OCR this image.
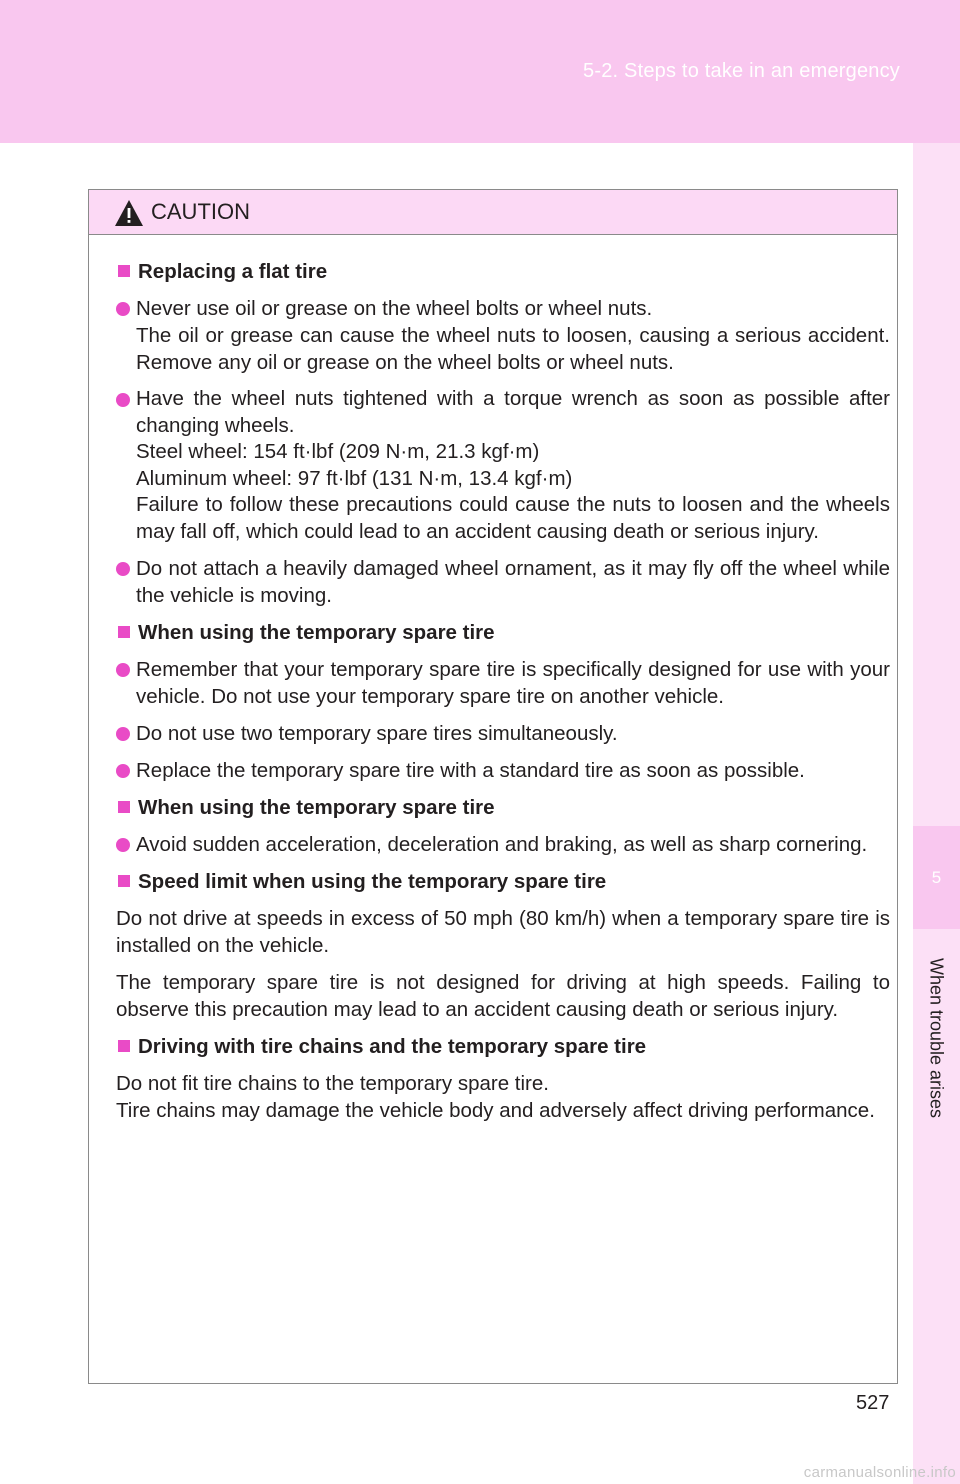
5-2. Steps to take in an emergency
5
When trouble arises
CAUTION
Replacing a flat tire
Never use oil or grease on the wheel bolts or wheel nuts.
The oil or grease can cause the wheel nuts to loosen, causing a serious accident. Remove any oil or grease on the wheel bolts or wheel nuts.
Have the wheel nuts tightened with a torque wrench as soon as possible after changing wheels.
Steel wheel: 154 ft·lbf (209 N·m, 21.3 kgf·m)
Aluminum wheel: 97 ft·lbf (131 N·m, 13.4 kgf·m)
Failure to follow these precautions could cause the nuts to loosen and the wheels may fall off, which could lead to an accident causing death or serious injury.
Do not attach a heavily damaged wheel ornament, as it may fly off the wheel while the vehicle is moving.
When using the temporary spare tire
Remember that your temporary spare tire is specifically designed for use with your vehicle. Do not use your temporary spare tire on another vehicle.
Do not use two temporary spare tires simultaneously.
Replace the temporary spare tire with a standard tire as soon as possible.
When using the temporary spare tire
Avoid sudden acceleration, deceleration and braking, as well as sharp cornering.
Speed limit when using the temporary spare tire
Do not drive at speeds in excess of 50 mph (80 km/h) when a temporary spare tire is installed on the vehicle.
The temporary spare tire is not designed for driving at high speeds. Failing to observe this precaution may lead to an accident causing death or serious injury.
Driving with tire chains and the temporary spare tire
Do not fit tire chains to the temporary spare tire.
Tire chains may damage the vehicle body and adversely affect driving performance.
527
carmanualsonline.info
